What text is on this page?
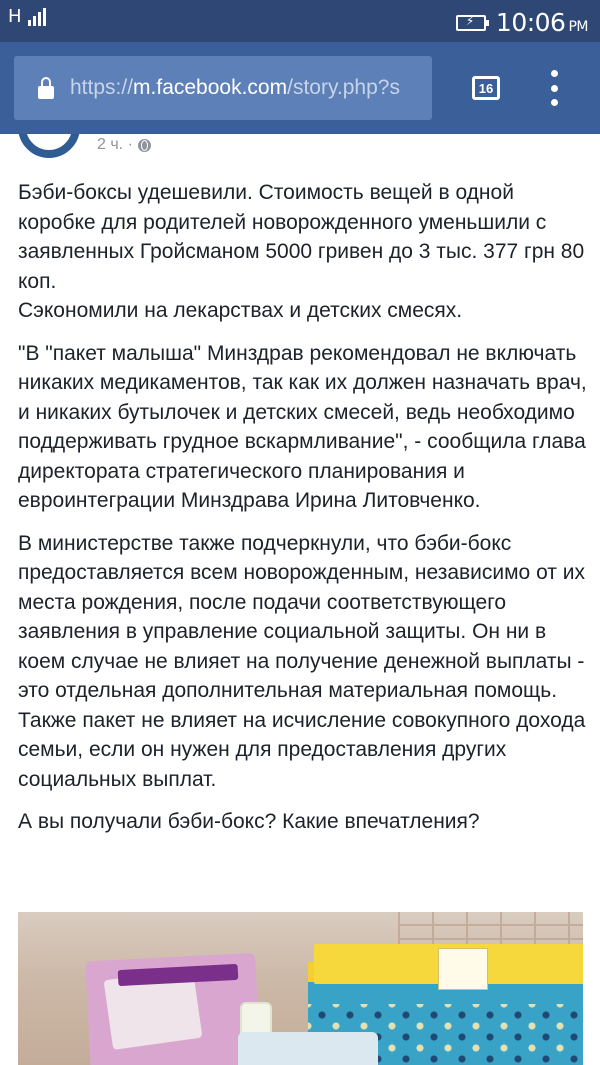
H	⚡ 10:06 PM
https://m.facebook.com/story.php?s	16
2 ч. ·

Бэби-боксы удешевили. Стоимость вещей в одной коробке для родителей новорожденного уменьшили с заявленных Гройсманом 5000 гривен до 3 тыс. 377 грн 80 коп.
Сэкономили на лекарствах и детских смесях.

"В "пакет малыша" Минздрав рекомендовал не включать никаких медикаментов, так как их должен назначать врач, и никаких бутылочек и детских смесей, ведь необходимо поддерживать грудное вскармливание", - сообщила глава директората стратегического планирования и евроинтеграции Минздрава Ирина Литовченко.

В министерстве также подчеркнули, что бэби-бокс предоставляется всем новорожденным, независимо от их места рождения, после подачи соответствующего заявления в управление социальной защиты. Он ни в коем случае не влияет на получение денежной выплаты - это отдельная дополнительная материальная помощь. Также пакет не влияет на исчисление совокупного дохода семьи, если он нужен для предоставления других социальных выплат.

А вы получали бэби-бокс? Какие впечатления?
